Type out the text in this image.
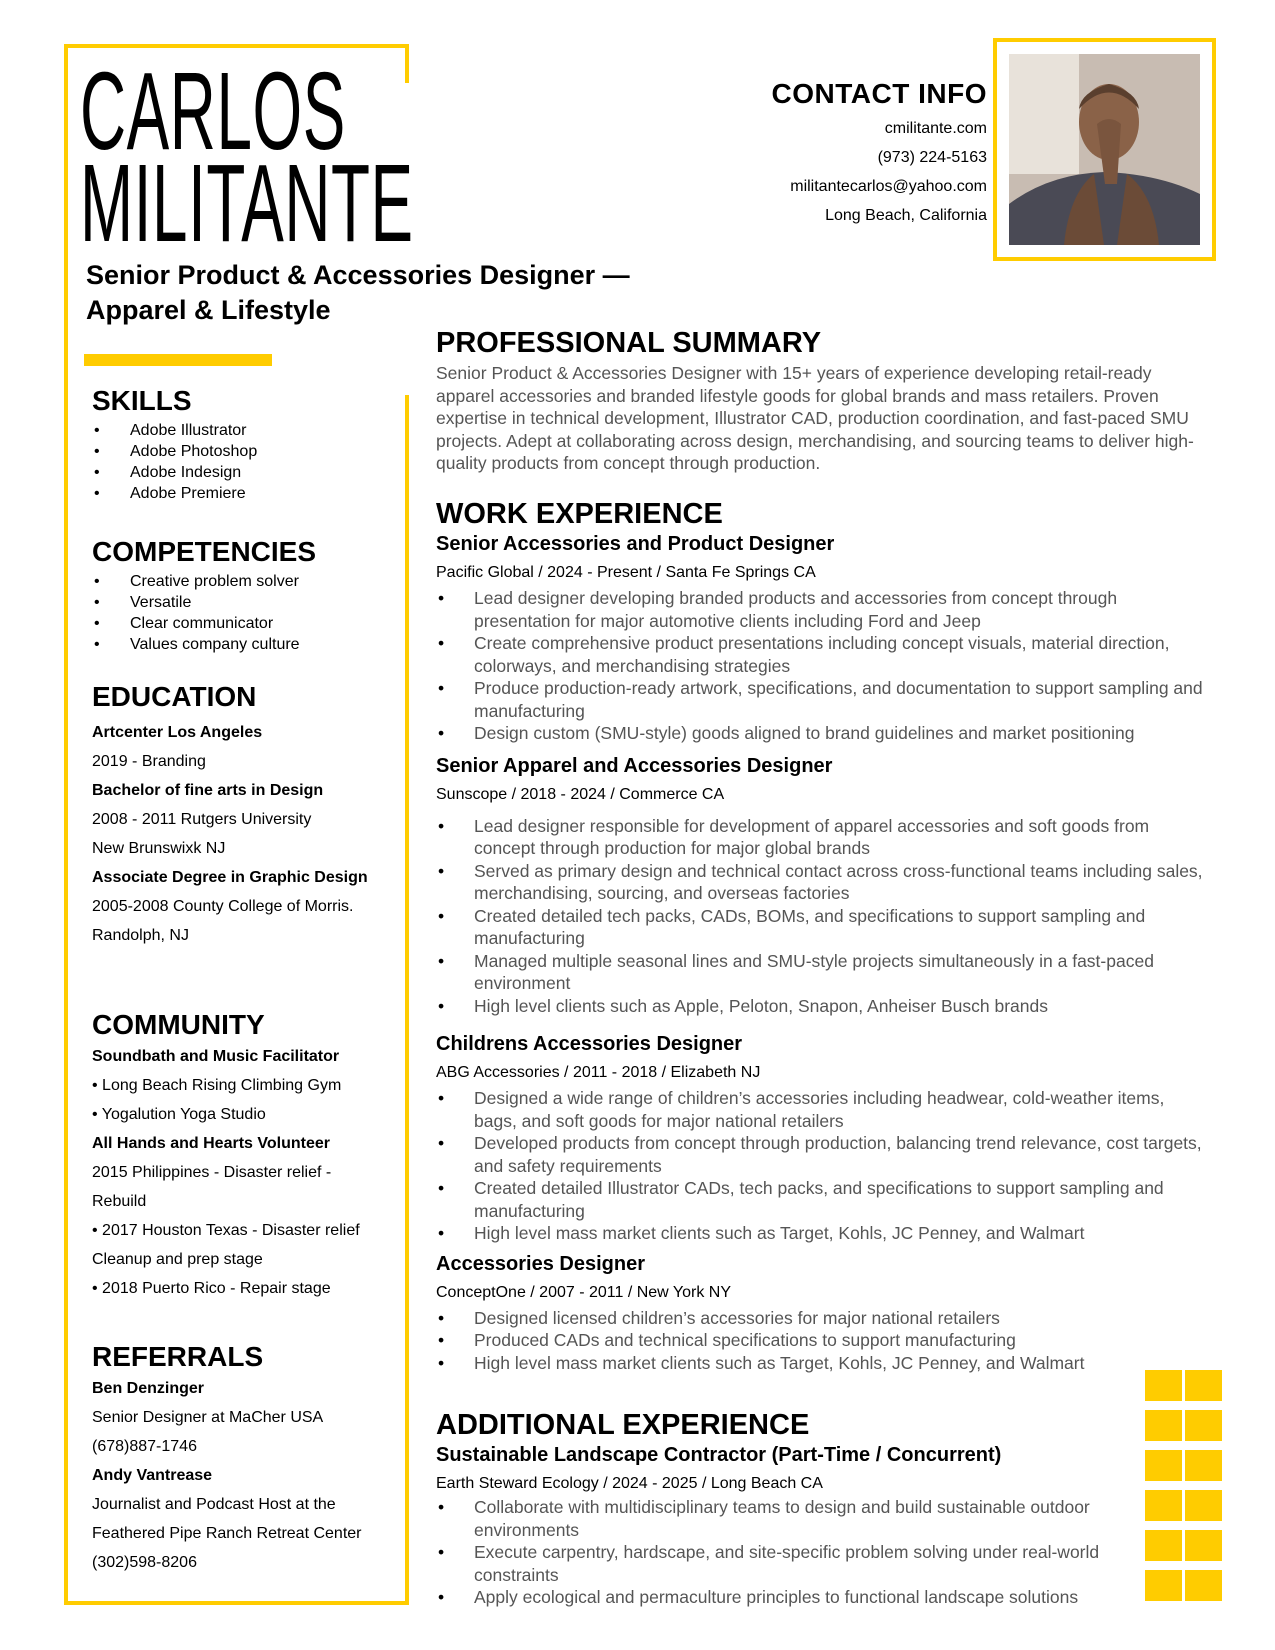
CARLOS
MILITANTE
Senior Product & Accessories Designer — Apparel & Lifestyle
CONTACT INFO
cmilitante.com
(973) 224-5163
militantecarlos@yahoo.com
Long Beach, California
SKILLS
• Adobe Illustrator
• Adobe Photoshop
• Adobe Indesign
• Adobe Premiere
COMPETENCIES
• Creative problem solver
• Versatile
• Clear communicator
• Values company culture
EDUCATION
Artcenter Los Angeles
2019 - Branding
Bachelor of fine arts in Design
2008 - 2011 Rutgers University
New Brunswixk NJ
Associate Degree in Graphic Design
2005-2008 County College of Morris.
Randolph, NJ
COMMUNITY
Soundbath and Music Facilitator
• Long Beach Rising Climbing Gym
• Yogalution Yoga Studio
All Hands and Hearts Volunteer
2015 Philippines - Disaster relief -
Rebuild
• 2017 Houston Texas - Disaster relief
Cleanup and prep stage
• 2018 Puerto Rico - Repair stage
REFERRALS
Ben Denzinger
Senior Designer at MaCher USA
(678)887-1746
Andy Vantrease
Journalist and Podcast Host at the
Feathered Pipe Ranch Retreat Center
(302)598-8206
PROFESSIONAL SUMMARY
Senior Product & Accessories Designer with 15+ years of experience developing retail-ready apparel accessories and branded lifestyle goods for global brands and mass retailers. Proven expertise in technical development, Illustrator CAD, production coordination, and fast-paced SMU projects. Adept at collaborating across design, merchandising, and sourcing teams to deliver high-quality products from concept through production.
WORK EXPERIENCE
Senior Accessories and Product Designer
Pacific Global / 2024 - Present / Santa Fe Springs CA
• Lead designer developing branded products and accessories from concept through presentation for major automotive clients including Ford and Jeep
• Create comprehensive product presentations including concept visuals, material direction, colorways, and merchandising strategies
• Produce production-ready artwork, specifications, and documentation to support sampling and manufacturing
• Design custom (SMU-style) goods aligned to brand guidelines and market positioning
Senior Apparel and Accessories Designer
Sunscope / 2018 - 2024 / Commerce CA
• Lead designer responsible for development of apparel accessories and soft goods from concept through production for major global brands
• Served as primary design and technical contact across cross-functional teams including sales, merchandising, sourcing, and overseas factories
• Created detailed tech packs, CADs, BOMs, and specifications to support sampling and manufacturing
• Managed multiple seasonal lines and SMU-style projects simultaneously in a fast-paced environment
• High level clients such as Apple, Peloton, Snapon, Anheiser Busch brands
Childrens Accessories Designer
ABG Accessories / 2011 - 2018 / Elizabeth NJ
• Designed a wide range of children’s accessories including headwear, cold-weather items, bags, and soft goods for major national retailers
• Developed products from concept through production, balancing trend relevance, cost targets, and safety requirements
• Created detailed Illustrator CADs, tech packs, and specifications to support sampling and manufacturing
• High level mass market clients such as Target, Kohls, JC Penney, and Walmart
Accessories Designer
ConceptOne / 2007 - 2011 / New York NY
• Designed licensed children’s accessories for major national retailers
• Produced CADs and technical specifications to support manufacturing
• High level mass market clients such as Target, Kohls, JC Penney, and Walmart
ADDITIONAL EXPERIENCE
Sustainable Landscape Contractor (Part-Time / Concurrent)
Earth Steward Ecology / 2024 - 2025 / Long Beach CA
• Collaborate with multidisciplinary teams to design and build sustainable outdoor environments
• Execute carpentry, hardscape, and site-specific problem solving under real-world constraints
• Apply ecological and permaculture principles to functional landscape solutions
